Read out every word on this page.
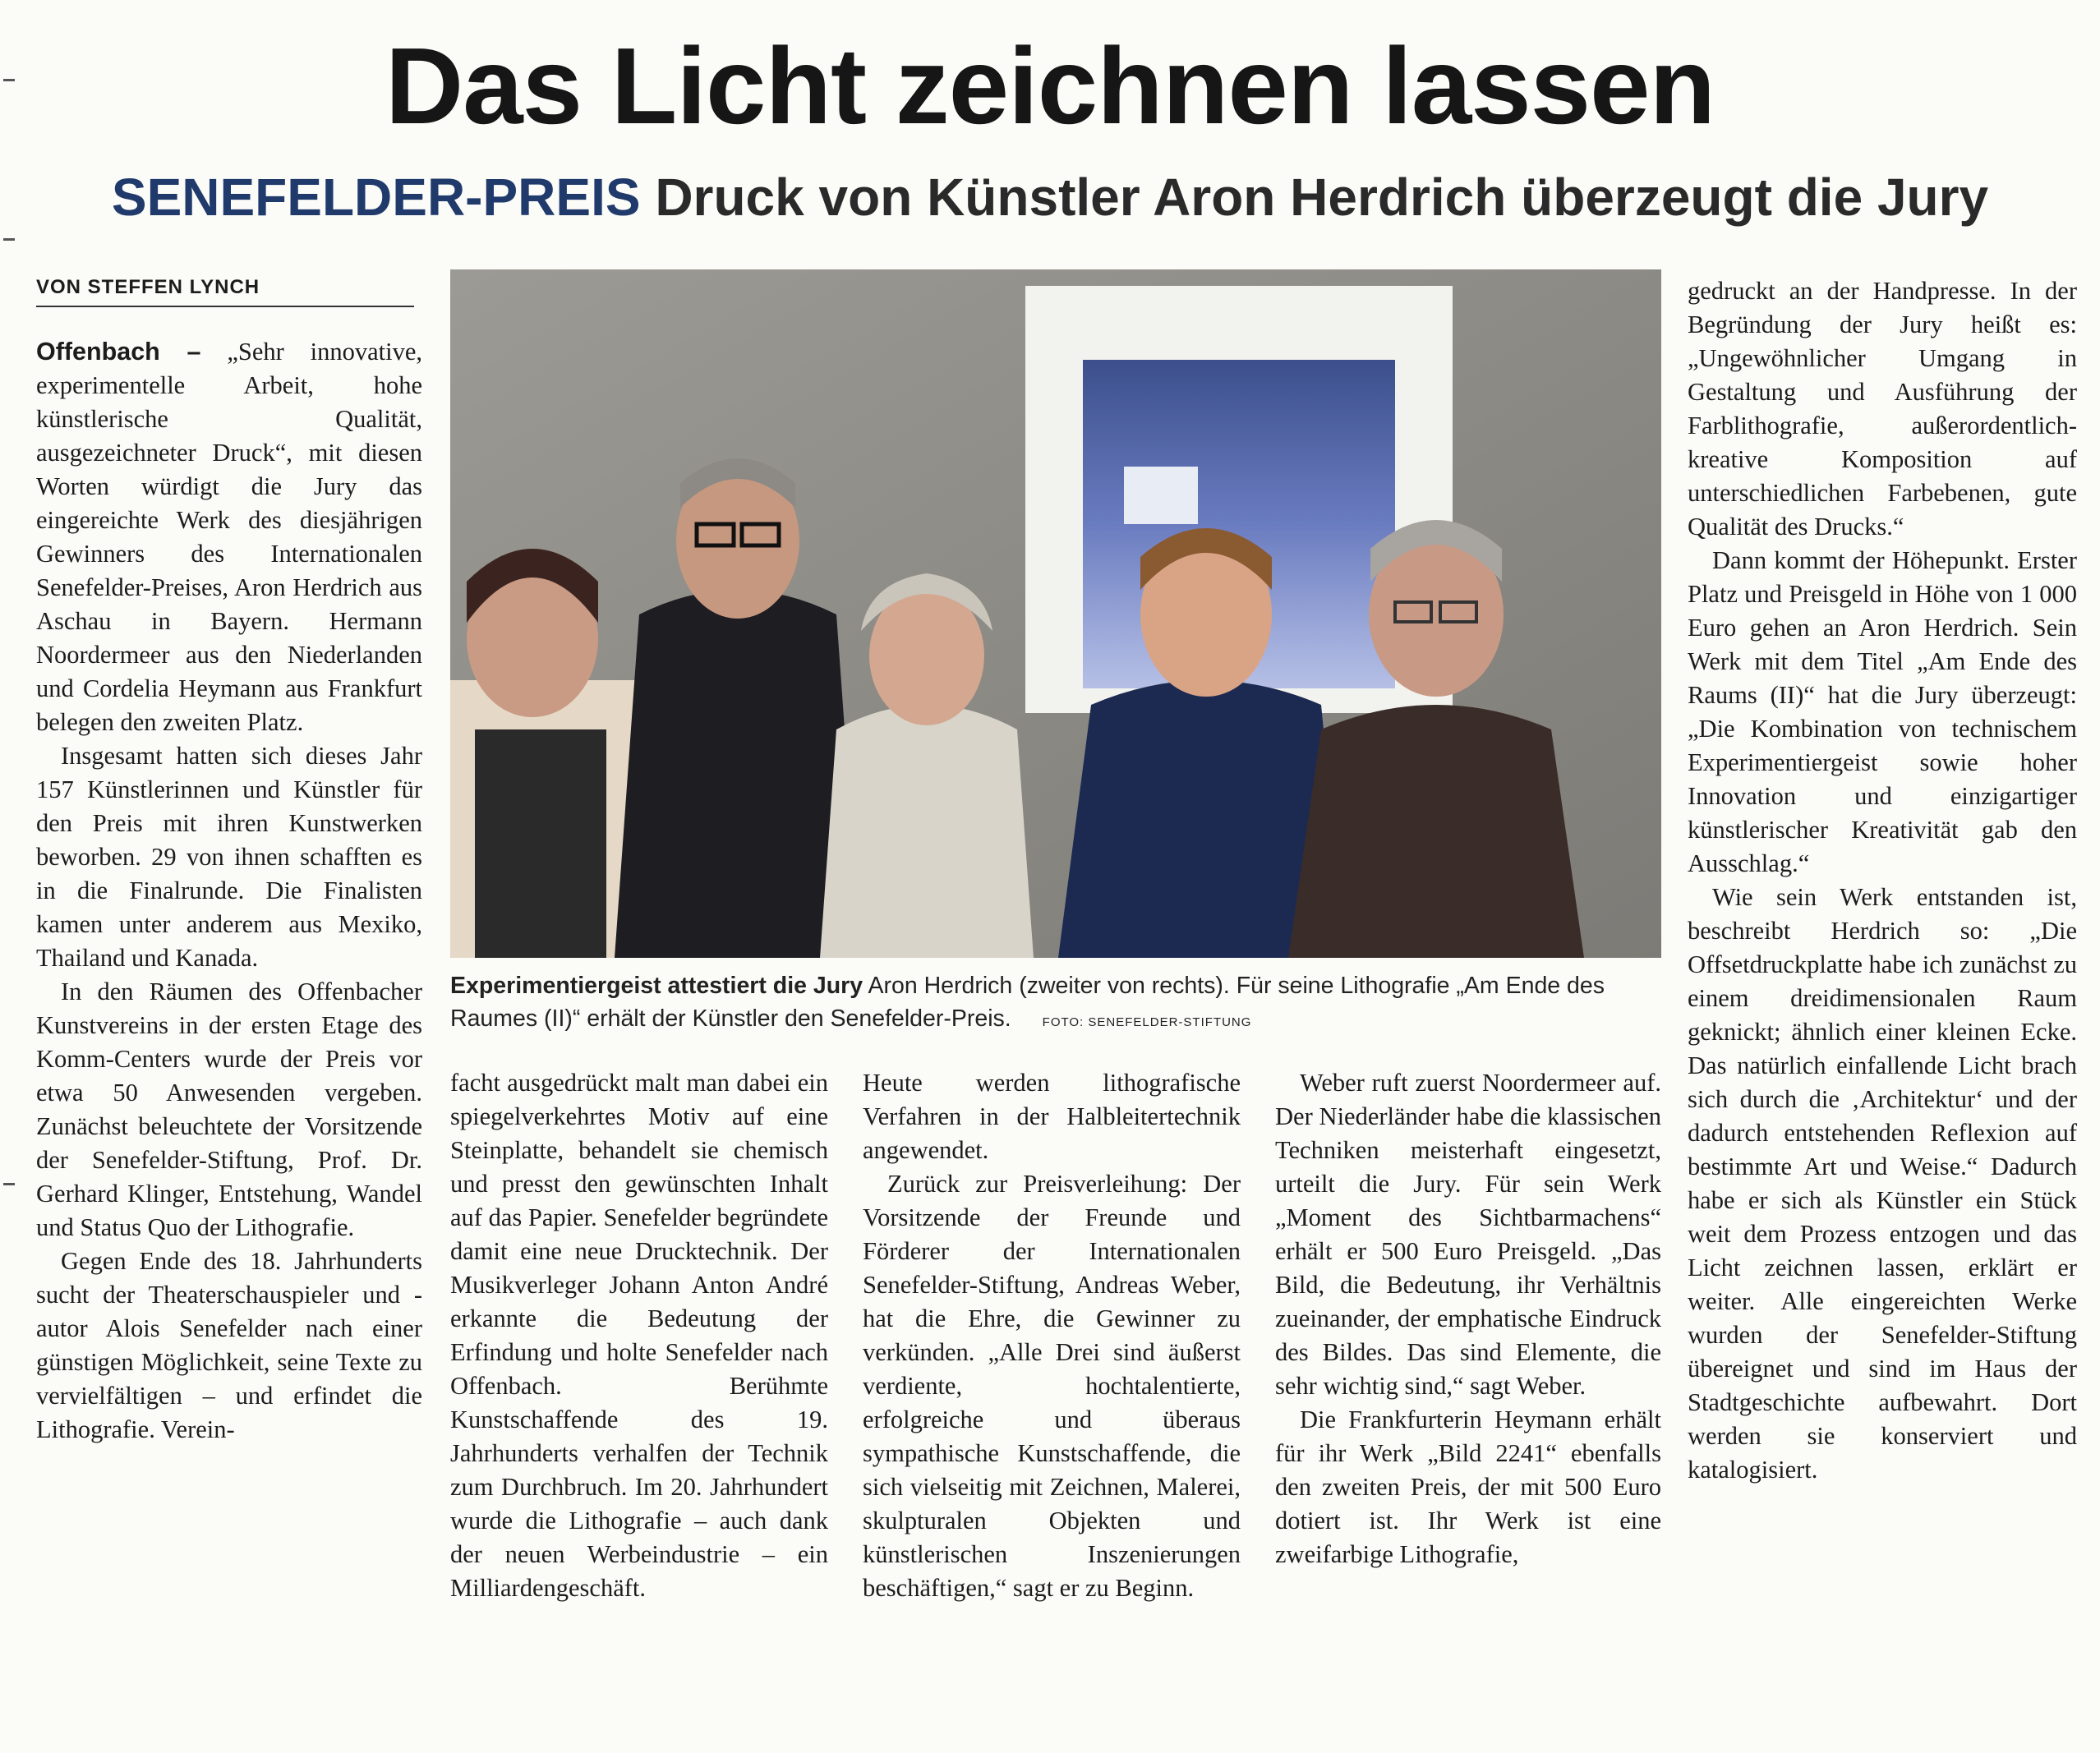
Das Licht zeichnen lassen
SENEFELDER-PREIS Druck von Künstler Aron Herdrich überzeugt die Jury
VON STEFFEN LYNCH

Offenbach – „Sehr innovative, experimentelle Arbeit, hohe künstlerische Qualität, ausgezeichneter Druck“, mit diesen Worten würdigt die Jury das eingereichte Werk des diesjährigen Gewinners des Internationalen Senefelder-Preises, Aron Herdrich aus Aschau in Bayern. Hermann Noordermeer aus den Niederlanden und Cordelia Heymann aus Frankfurt belegen den zweiten Platz.

Insgesamt hatten sich dieses Jahr 157 Künstlerinnen und Künstler für den Preis mit ihren Kunstwerken beworben. 29 von ihnen schafften es in die Finalrunde. Die Finalisten kamen unter anderem aus Mexiko, Thailand und Kanada.

In den Räumen des Offenbacher Kunstvereins in der ersten Etage des Komm-Centers wurde der Preis vor etwa 50 Anwesenden vergeben. Zunächst beleuchtete der Vorsitzende der Senefelder-Stiftung, Prof. Dr. Gerhard Klinger, Entstehung, Wandel und Status Quo der Lithografie.

Gegen Ende des 18. Jahrhunderts sucht der Theaterschauspieler und -autor Alois Senefelder nach einer günstigen Möglichkeit, seine Texte zu vervielfältigen – und erfindet die Lithografie. Verein-

Experimentiergeist attestiert die Jury Aron Herdrich (zweiter von rechts). Für seine Lithografie „Am Ende des Raumes (II)“ erhält der Künstler den Senefelder-Preis.	FOTO: SENEFELDER-STIFTUNG

facht ausgedrückt malt man dabei ein spiegelverkehrtes Motiv auf eine Steinplatte, behandelt sie chemisch und presst den gewünschten Inhalt auf das Papier. Senefelder begründete damit eine neue Drucktechnik. Der Musikverleger Johann Anton André erkannte die Bedeutung der Erfindung und holte Senefelder nach Offenbach. Berühmte Kunstschaffende des 19. Jahrhunderts verhalfen der Technik zum Durchbruch. Im 20. Jahrhundert wurde die Lithografie – auch dank der neuen Werbeindustrie – ein Milliardengeschäft.

Heute werden lithografische Verfahren in der Halbleitertechnik angewendet.

Zurück zur Preisverleihung: Der Vorsitzende der Freunde und Förderer der Internationalen Senefelder-Stiftung, Andreas Weber, hat die Ehre, die Gewinner zu verkünden. „Alle Drei sind äußerst verdiente, hochtalentierte, erfolgreiche und überaus sympathische Kunstschaffende, die sich vielseitig mit Zeichnen, Malerei, skulpturalen Objekten und künstlerischen Inszenierungen beschäftigen,“ sagt er zu Beginn.

Weber ruft zuerst Noordermeer auf. Der Niederländer habe die klassischen Techniken meisterhaft eingesetzt, urteilt die Jury. Für sein Werk „Moment des Sichtbarmachens“ erhält er 500 Euro Preisgeld. „Das Bild, die Bedeutung, ihr Verhältnis zueinander, der emphatische Eindruck des Bildes. Das sind Elemente, die sehr wichtig sind,“ sagt Weber.

Die Frankfurterin Heymann erhält für ihr Werk „Bild 2241“ ebenfalls den zweiten Preis, der mit 500 Euro dotiert ist. Ihr Werk ist eine zweifarbige Lithografie,

gedruckt an der Handpresse. In der Begründung der Jury heißt es: „Ungewöhnlicher Umgang in Gestaltung und Ausführung der Farblithografie, außerordentlich-kreative Komposition auf unterschiedlichen Farbebenen, gute Qualität des Drucks.“

Dann kommt der Höhepunkt. Erster Platz und Preisgeld in Höhe von 1 000 Euro gehen an Aron Herdrich. Sein Werk mit dem Titel „Am Ende des Raums (II)“ hat die Jury überzeugt: „Die Kombination von technischem Experimentiergeist sowie hoher Innovation und einzigartiger künstlerischer Kreativität gab den Ausschlag.“

Wie sein Werk entstanden ist, beschreibt Herdrich so: „Die Offsetdruckplatte habe ich zunächst zu einem dreidimensionalen Raum geknickt; ähnlich einer kleinen Ecke. Das natürlich einfallende Licht brach sich durch die ‚Architektur‘ und der dadurch entstehenden Reflexion auf bestimmte Art und Weise.“ Dadurch habe er sich als Künstler ein Stück weit dem Prozess entzogen und das Licht zeichnen lassen, erklärt er weiter. Alle eingereichten Werke wurden der Senefelder-Stiftung übereignet und sind im Haus der Stadtgeschichte aufbewahrt. Dort werden sie konserviert und katalogisiert.
